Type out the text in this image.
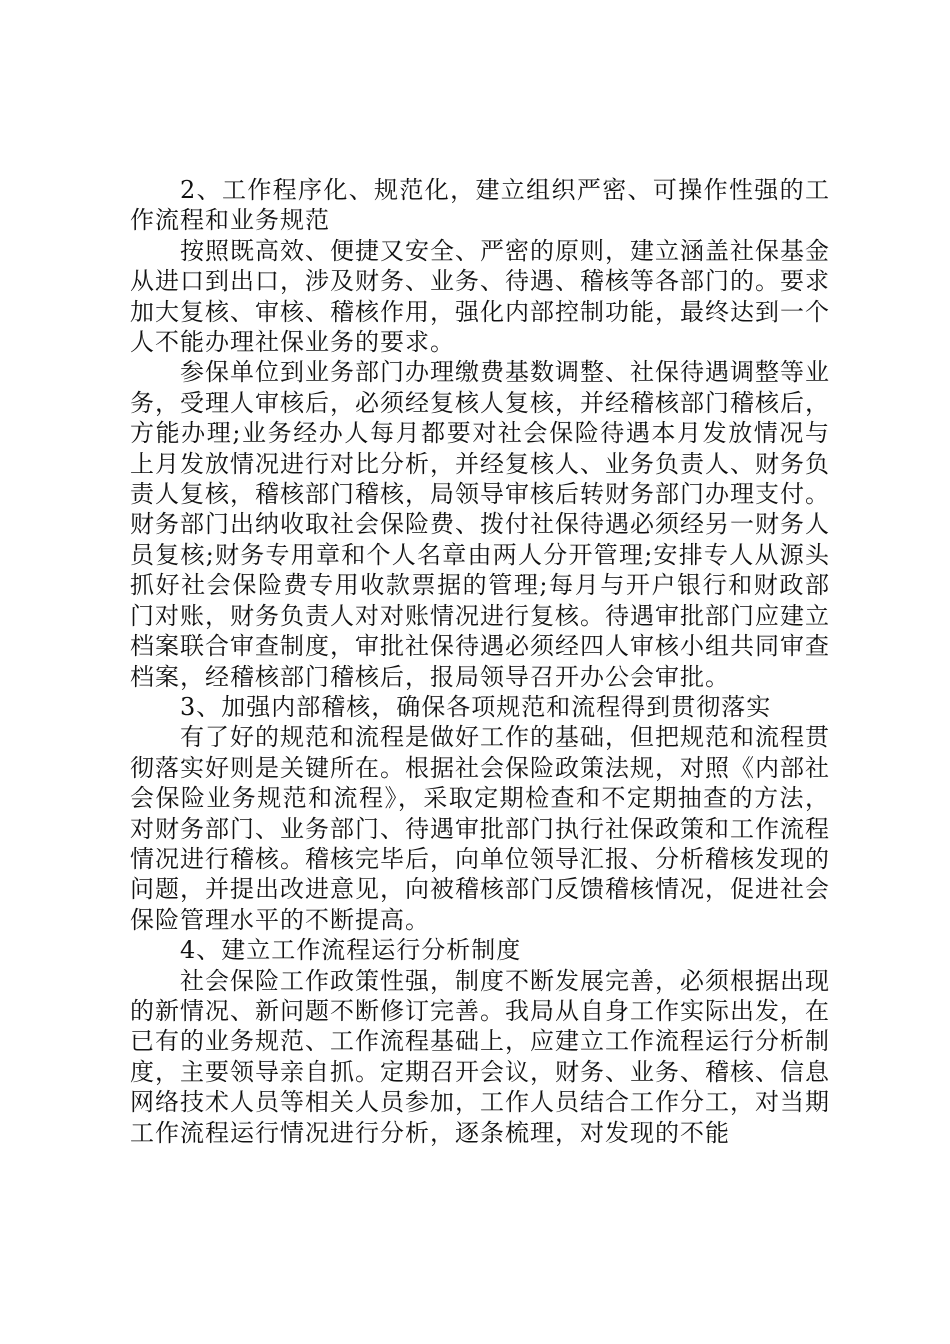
2、工作程序化、规范化，建立组织严密、可操作性强的工作流程和业务规范

按照既高效、便捷又安全、严密的原则，建立涵盖社保基金从进口到出口，涉及财务、业务、待遇、稽核等各部门的。要求加大复核、审核、稽核作用，强化内部控制功能，最终达到一个人不能办理社保业务的要求。

参保单位到业务部门办理缴费基数调整、社保待遇调整等业务，受理人审核后，必须经复核人复核，并经稽核部门稽核后，方能办理;业务经办人每月都要对社会保险待遇本月发放情况与上月发放情况进行对比分析，并经复核人、业务负责人、财务负责人复核，稽核部门稽核，局领导审核后转财务部门办理支付。财务部门出纳收取社会保险费、拨付社保待遇必须经另一财务人员复核;财务专用章和个人名章由两人分开管理;安排专人从源头抓好社会保险费专用收款票据的管理;每月与开户银行和财政部门对账，财务负责人对对账情况进行复核。待遇审批部门应建立档案联合审查制度，审批社保待遇必须经四人审核小组共同审查档案，经稽核部门稽核后，报局领导召开办公会审批。

3、加强内部稽核，确保各项规范和流程得到贯彻落实

有了好的规范和流程是做好工作的基础，但把规范和流程贯彻落实好则是关键所在。根据社会保险政策法规，对照《内部社会保险业务规范和流程》，采取定期检查和不定期抽查的方法，对财务部门、业务部门、待遇审批部门执行社保政策和工作流程情况进行稽核。稽核完毕后，向单位领导汇报、分析稽核发现的问题，并提出改进意见，向被稽核部门反馈稽核情况，促进社会保险管理水平的不断提高。

4、建立工作流程运行分析制度

社会保险工作政策性强，制度不断发展完善，必须根据出现的新情况、新问题不断修订完善。我局从自身工作实际出发，在已有的业务规范、工作流程基础上，应建立工作流程运行分析制度，主要领导亲自抓。定期召开会议，财务、业务、稽核、信息网络技术人员等相关人员参加，工作人员结合工作分工，对当期工作流程运行情况进行分析，逐条梳理，对发现的不能
